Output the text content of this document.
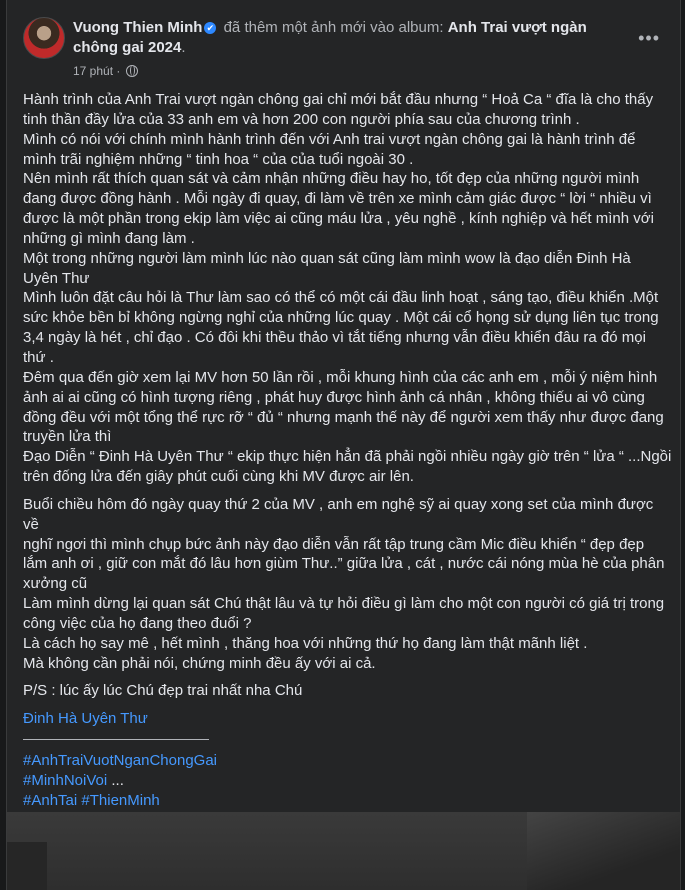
Vuong Thien Minh ✔ đã thêm một ảnh mới vào album: Anh Trai vượt ngàn chông gai 2024.
17 phút ·
•••

Hành trình của Anh Trai vượt ngàn chông gai chỉ mới bắt đầu nhưng “ Hoả Ca “ đĩa là cho thấy

tinh thần đầy lửa của 33 anh em và hơn 200 con người phía sau của chương trình .

Mình có nói với chính mình hành trình đến với Anh trai vượt ngàn chông gai là hành trình để

mình trãi nghiệm những “ tinh hoa “ của của tuổi ngoài 30 .

Nên mình rất thích quan sát và cảm nhận những điều hay ho, tốt đẹp của những người mình

đang được đồng hành . Mỗi ngày đi quay, đi làm về trên xe mình cảm giác được “ lời “ nhiều vì

được là một phần trong ekip làm việc ai cũng máu lửa , yêu nghề , kính nghiệp và hết mình với

những gì mình đang làm .

Một trong những người làm mình lúc nào quan sát cũng làm mình wow là đạo diễn Đinh Hà

Uyên Thư

Mình luôn đặt câu hỏi là Thư làm sao có thể có một cái đầu linh hoạt , sáng tạo, điều khiển .Một

sức khỏe bền bỉ không ngừng nghỉ của những lúc quay . Một cái cổ họng sử dụng liên tục trong

3,4 ngày là hét , chỉ đạo . Có đôi khi thều thảo vì tắt tiếng nhưng vẫn điều khiển đâu ra đó mọi

thứ .

Đêm qua đến giờ xem lại MV hơn 50 lần rồi , mỗi khung hình của các anh em , mỗi ý niệm hình

ảnh ai ai cũng có hình tượng riêng , phát huy được hình ảnh cá nhân , không thiếu ai vô cùng

đồng đều với một tổng thể rực rỡ “ đủ “ nhưng mạnh thế này để người xem thấy như được đang

truyền lửa thì

Đạo Diễn “ Đinh Hà Uyên Thư “ ekip thực hiện hẳn đã phải ngồi nhiều ngày giờ trên “ lửa “ ...Ngồi

trên đống lửa đến giây phút cuối cùng khi MV được air lên.

Buổi chiều hôm đó ngày quay thứ 2 của MV , anh em nghệ sỹ ai quay xong set của mình được về

nghĩ ngơi thì mình chụp bức ảnh này đạo diễn vẫn rất tập trung cầm Mic điều khiển “ đẹp đẹp

lắm anh ơi , giữ con mắt đó lâu hơn giùm Thư..” giữa lửa , cát , nước cái nóng mùa hè của phân

xưởng cũ

Làm mình dừng lại quan sát Chú thật lâu và tự hỏi điều gì làm cho một con người có giá trị trong

công việc của họ đang theo đuổi ?

Là cách họ say mê , hết mình , thăng hoa với những thứ họ đang làm thật mãnh liệt .

Mà không cần phải nói, chứng minh đều ấy với ai cả.

P/S : lúc ấy lúc Chú đẹp trai nhất nha Chú

Đinh Hà Uyên Thư

#AnhTraiVuotNganChongGai

#MinhNoiVoi ...

#AnhTai #ThienMinh
